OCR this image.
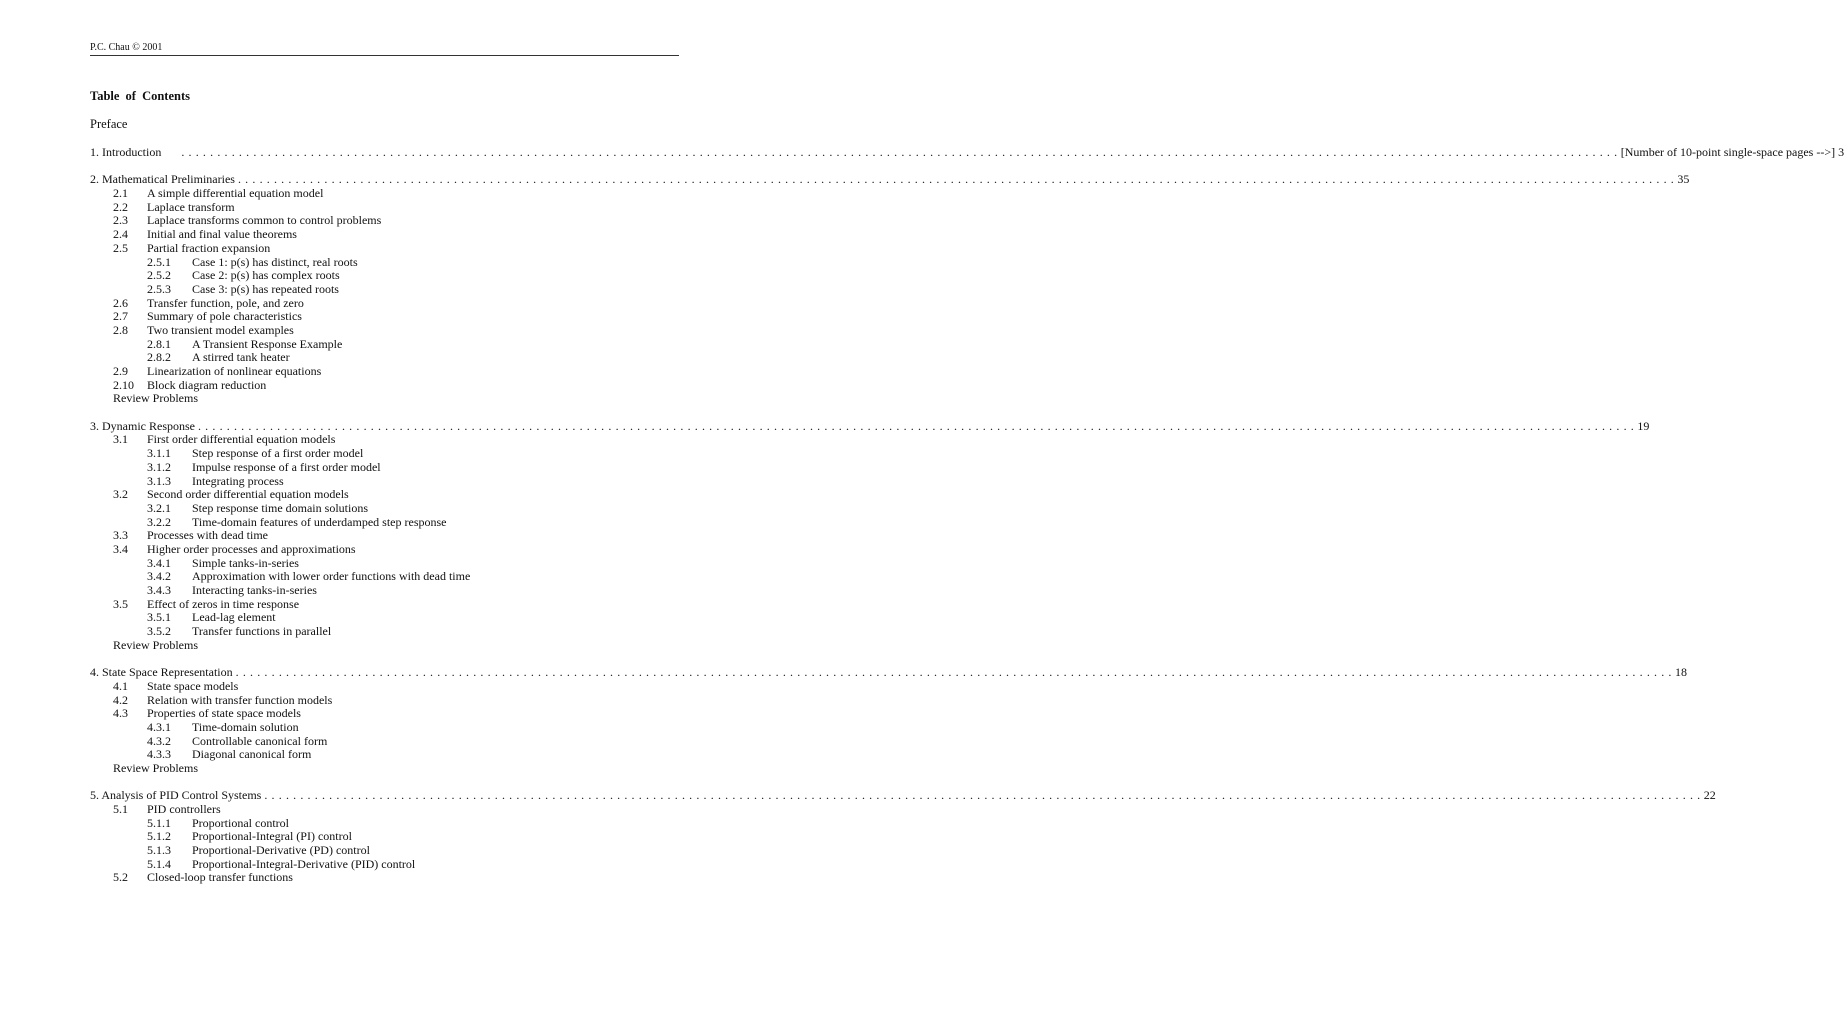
P.C. Chau © 2001
Table of Contents
Preface
1. Introduction . . . . . . . . . . . . . . . . . . . . . . . . . . . . . . . . . . . . . . . . . . . . . . . . . . . . . . . . . . . . . . . . . . . . . . . . . . . . . . . . . . . . . . . . . . . . . . . . . . . . . . . . . . . . . . . . . . . . . . . . . . . . . . . . . . . . . . . . . . . . . . . . . . . . . . . . . . . . . . . . . . . . . . . . . . . . . . . . . . . . . . . . . . . . . . . . . . . . . . . . [Number of 10-point single-space pages -->] 3
2. Mathematical Preliminaries . . . . . . . . . . . . . . . . . . . . . . . . . . . . . . . . . . . . . . . . . . . . . . . . . . . . . . . . . . . . . . . . . . . . . . . . . . . . . . . . . . . . . . . . . . . . . . . . . . . . . . . . . . . . . . . . . . . . . . . . . . . . . . . . . . . . . . . . . . . . . . . . . . . . . . . . . . . . . . . . . . . . . . . . . . . . . . . . . . . . . . . . . . . . . . . . . . . . . . . . 35
2.1 A simple differential equation model
2.2 Laplace transform
2.3 Laplace transforms common to control problems
2.4 Initial and final value theorems
2.5 Partial fraction expansion
2.5.1 Case 1: p(s) has distinct, real roots
2.5.2 Case 2: p(s) has complex roots
2.5.3 Case 3: p(s) has repeated roots
2.6 Transfer function, pole, and zero
2.7 Summary of pole characteristics
2.8 Two transient model examples
2.8.1 A Transient Response Example
2.8.2 A stirred tank heater
2.9 Linearization of nonlinear equations
2.10 Block diagram reduction
Review Problems
3. Dynamic Response . . . . . . . . . . . . . . . . . . . . . . . . . . . . . . . . . . . . . . . . . . . . . . . . . . . . . . . . . . . . . . . . . . . . . . . . . . . . . . . . . . . . . . . . . . . . . . . . . . . . . . . . . . . . . . . . . . . . . . . . . . . . . . . . . . . . . . . . . . . . . . . . . . . . . . . . . . . . . . . . . . . . . . . . . . . . . . . . . . . . . . . . . . . . . . . . . . . . . . . . 19
3.1 First order differential equation models
3.1.1 Step response of a first order model
3.1.2 Impulse response of a first order model
3.1.3 Integrating process
3.2 Second order differential equation models
3.2.1 Step response time domain solutions
3.2.2 Time-domain features of underdamped step response
3.3 Processes with dead time
3.4 Higher order processes and approximations
3.4.1 Simple tanks-in-series
3.4.2 Approximation with lower order functions with dead time
3.4.3 Interacting tanks-in-series
3.5 Effect of zeros in time response
3.5.1 Lead-lag element
3.5.2 Transfer functions in parallel
Review Problems
4. State Space Representation . . . . . . . . . . . . . . . . . . . . . . . . . . . . . . . . . . . . . . . . . . . . . . . . . . . . . . . . . . . . . . . . . . . . . . . . . . . . . . . . . . . . . . . . . . . . . . . . . . . . . . . . . . . . . . . . . . . . . . . . . . . . . . . . . . . . . . . . . . . . . . . . . . . . . . . . . . . . . . . . . . . . . . . . . . . . . . . . . . . . . . . . . . . . . . . . . . . . . . . . 18
4.1 State space models
4.2 Relation with transfer function models
4.3 Properties of state space models
4.3.1 Time-domain solution
4.3.2 Controllable canonical form
4.3.3 Diagonal canonical form
Review Problems
5. Analysis of PID Control Systems . . . . . . . . . . . . . . . . . . . . . . . . . . . . . . . . . . . . . . . . . . . . . . . . . . . . . . . . . . . . . . . . . . . . . . . . . . . . . . . . . . . . . . . . . . . . . . . . . . . . . . . . . . . . . . . . . . . . . . . . . . . . . . . . . . . . . . . . . . . . . . . . . . . . . . . . . . . . . . . . . . . . . . . . . . . . . . . . . . . . . . . . . . . . . . . . . . . . . . . . 22
5.1 PID controllers
5.1.1 Proportional control
5.1.2 Proportional-Integral (PI) control
5.1.3 Proportional-Derivative (PD) control
5.1.4 Proportional-Integral-Derivative (PID) control
5.2 Closed-loop transfer functions
